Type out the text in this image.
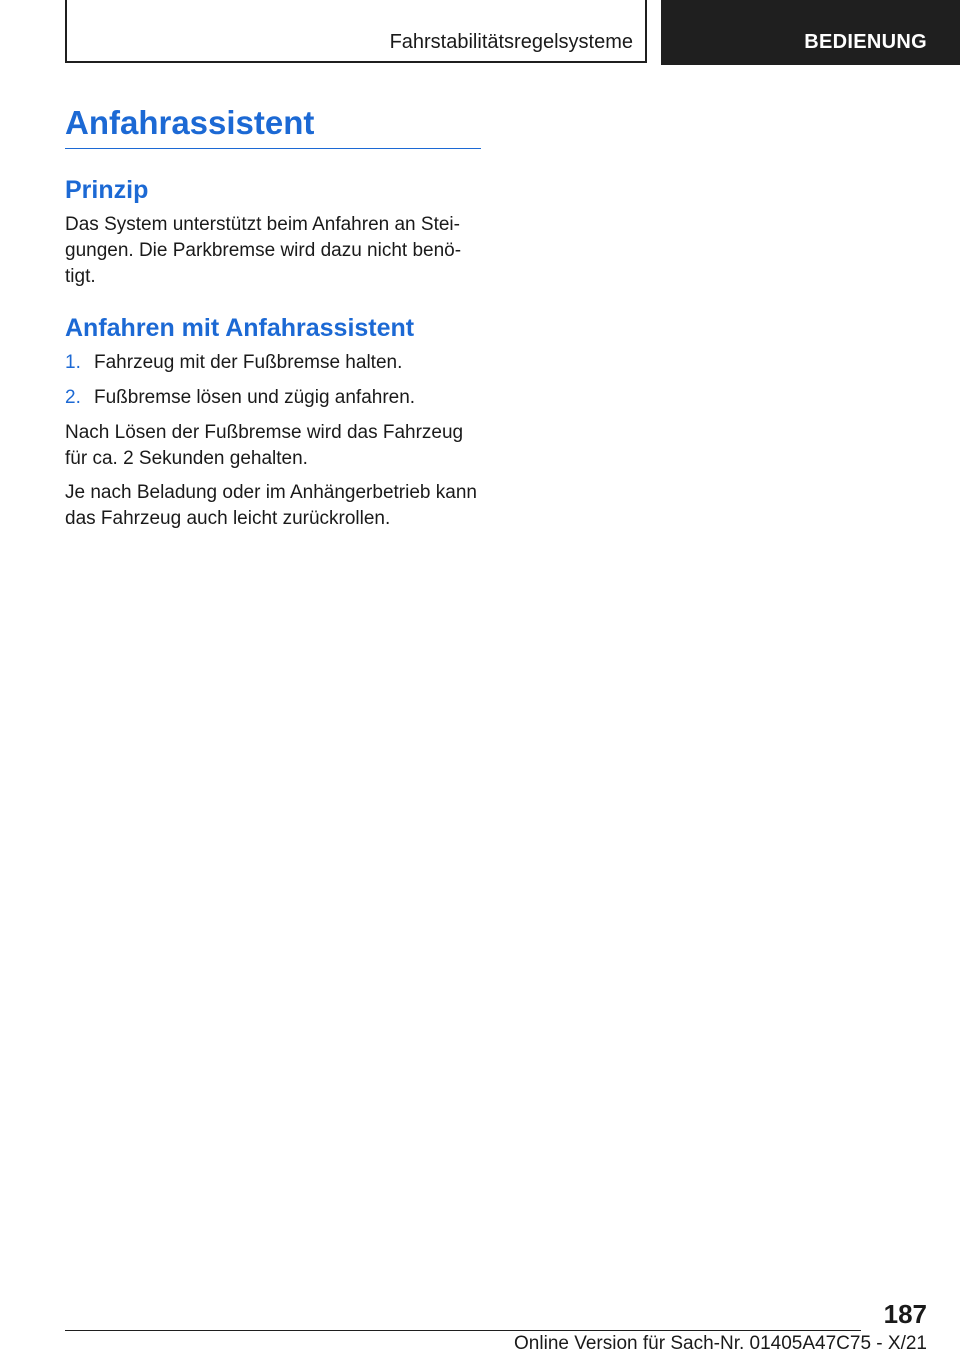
Fahrstabilitätsregelsysteme	BEDIENUNG
Anfahrassistent
Prinzip

Das System unterstützt beim Anfahren an Stei-
gungen. Die Parkbremse wird dazu nicht benö-
tigt.

Anfahren mit Anfahrassistent
1. Fahrzeug mit der Fußbremse halten.
2. Fußbremse lösen und zügig anfahren.

Nach Lösen der Fußbremse wird das Fahrzeug für ca. 2 Sekunden gehalten.

Je nach Beladung oder im Anhängerbetrieb kann das Fahrzeug auch leicht zurückrollen.

187
Online Version für Sach-Nr. 01405A47C75 - X/21
